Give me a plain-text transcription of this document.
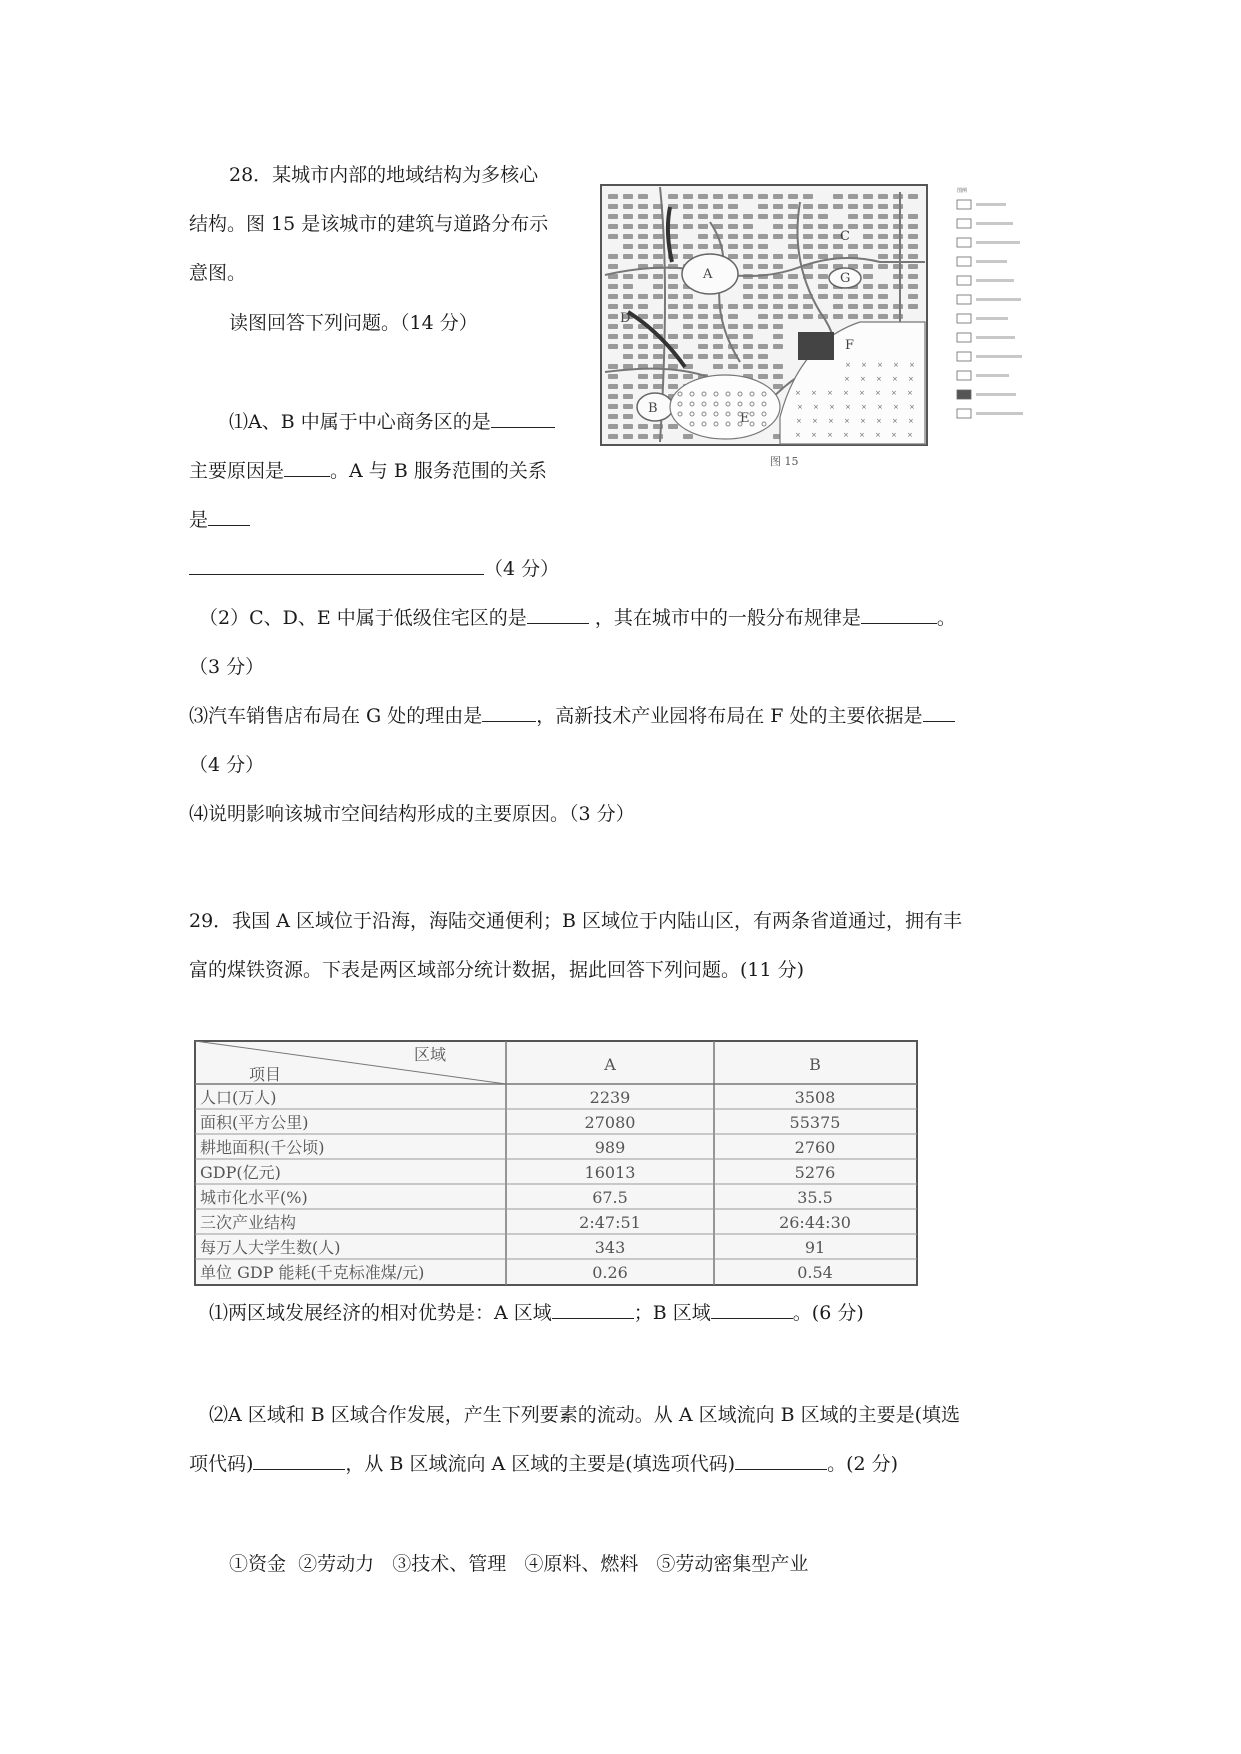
28．某城市内部的地域结构为多核心
结构。图 15 是该城市的建筑与道路分布示
意图。
读图回答下列问题。（14 分）
⑴A、B 中属于中心商务区的是
主要原因是 。A 与 B 服务范围的关系
是
（4 分）
（2）C、D、E 中属于低级住宅区的是	，其在城市中的一般分布规律是	。
（3 分）
⑶汽车销售店布局在 G 处的理由是	，高新技术产业园将布局在 F 处的主要依据是
（4 分）
⑷说明影响该城市空间结构形成的主要原因。（3 分）
A
B
C
D
E
F
G
× × × × ×
× × × × ×
× × × × × × × ×
× × × × × × × ×
× × × × × × × ×
× × × × × × × ×
图 15
图例
29．我国 A 区域位于沿海，海陆交通便利；B 区域位于内陆山区，有两条省道通过，拥有丰
富的煤铁资源。下表是两区域部分统计数据，据此回答下列问题。(11 分)
区域
项目
A	B
人口(万人)	2239	3508
面积(平方公里)	27080	55375
耕地面积(千公顷)	989	2760
GDP(亿元)	16013	5276
城市化水平(%)	67.5	35.5
三次产业结构	2:47:51	26:44:30
每万人大学生数(人)	343	91
单位 GDP 能耗(千克标准煤/元)	0.26	0.54
⑴两区域发展经济的相对优势是：A 区域	；B 区域	。(6 分)
⑵A 区域和 B 区域合作发展，产生下列要素的流动。从 A 区域流向 B 区域的主要是(填选
项代码)	，从 B 区域流向 A 区域的主要是(填选项代码)	。(2 分)
①资金  ②劳动力   ③技术、管理   ④原料、燃料   ⑤劳动密集型产业
